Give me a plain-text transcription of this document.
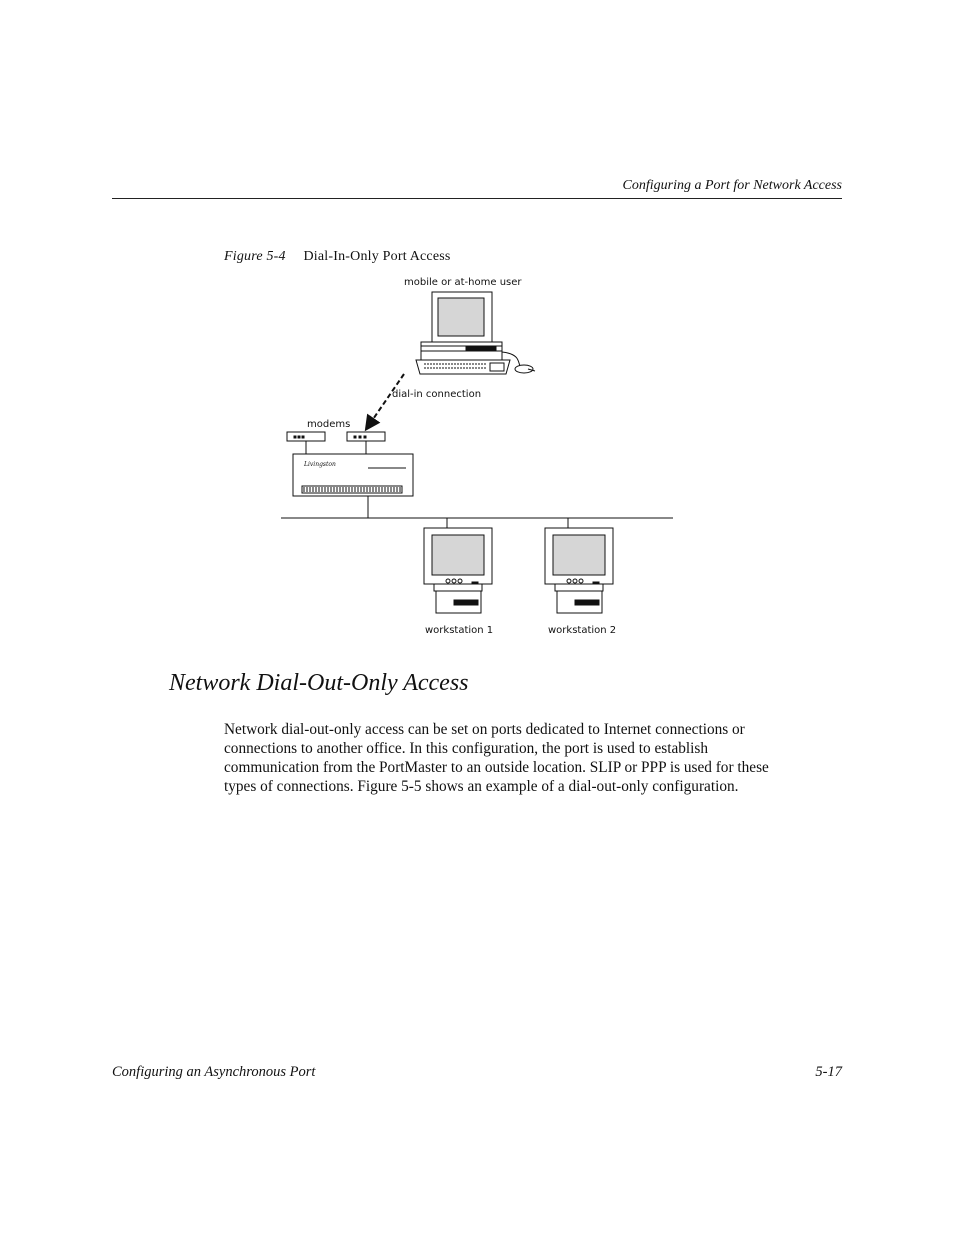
Configuring a Port for Network Access
Figure 5-4 Dial-In-Only Port Access
Livingston
mobile or at-home user
dial-in connection
modems
workstation 1	workstation 2
Network Dial-Out-Only Access

Network dial-out-only access can be set on ports dedicated to Internet connections or

connections to another office. In this configuration, the port is used to establish

communication from the PortMaster to an outside location. SLIP or PPP is used for these

types of connections. Figure 5-5 shows an example of a dial-out-only configuration.

Configuring an Asynchronous Port	5-17
